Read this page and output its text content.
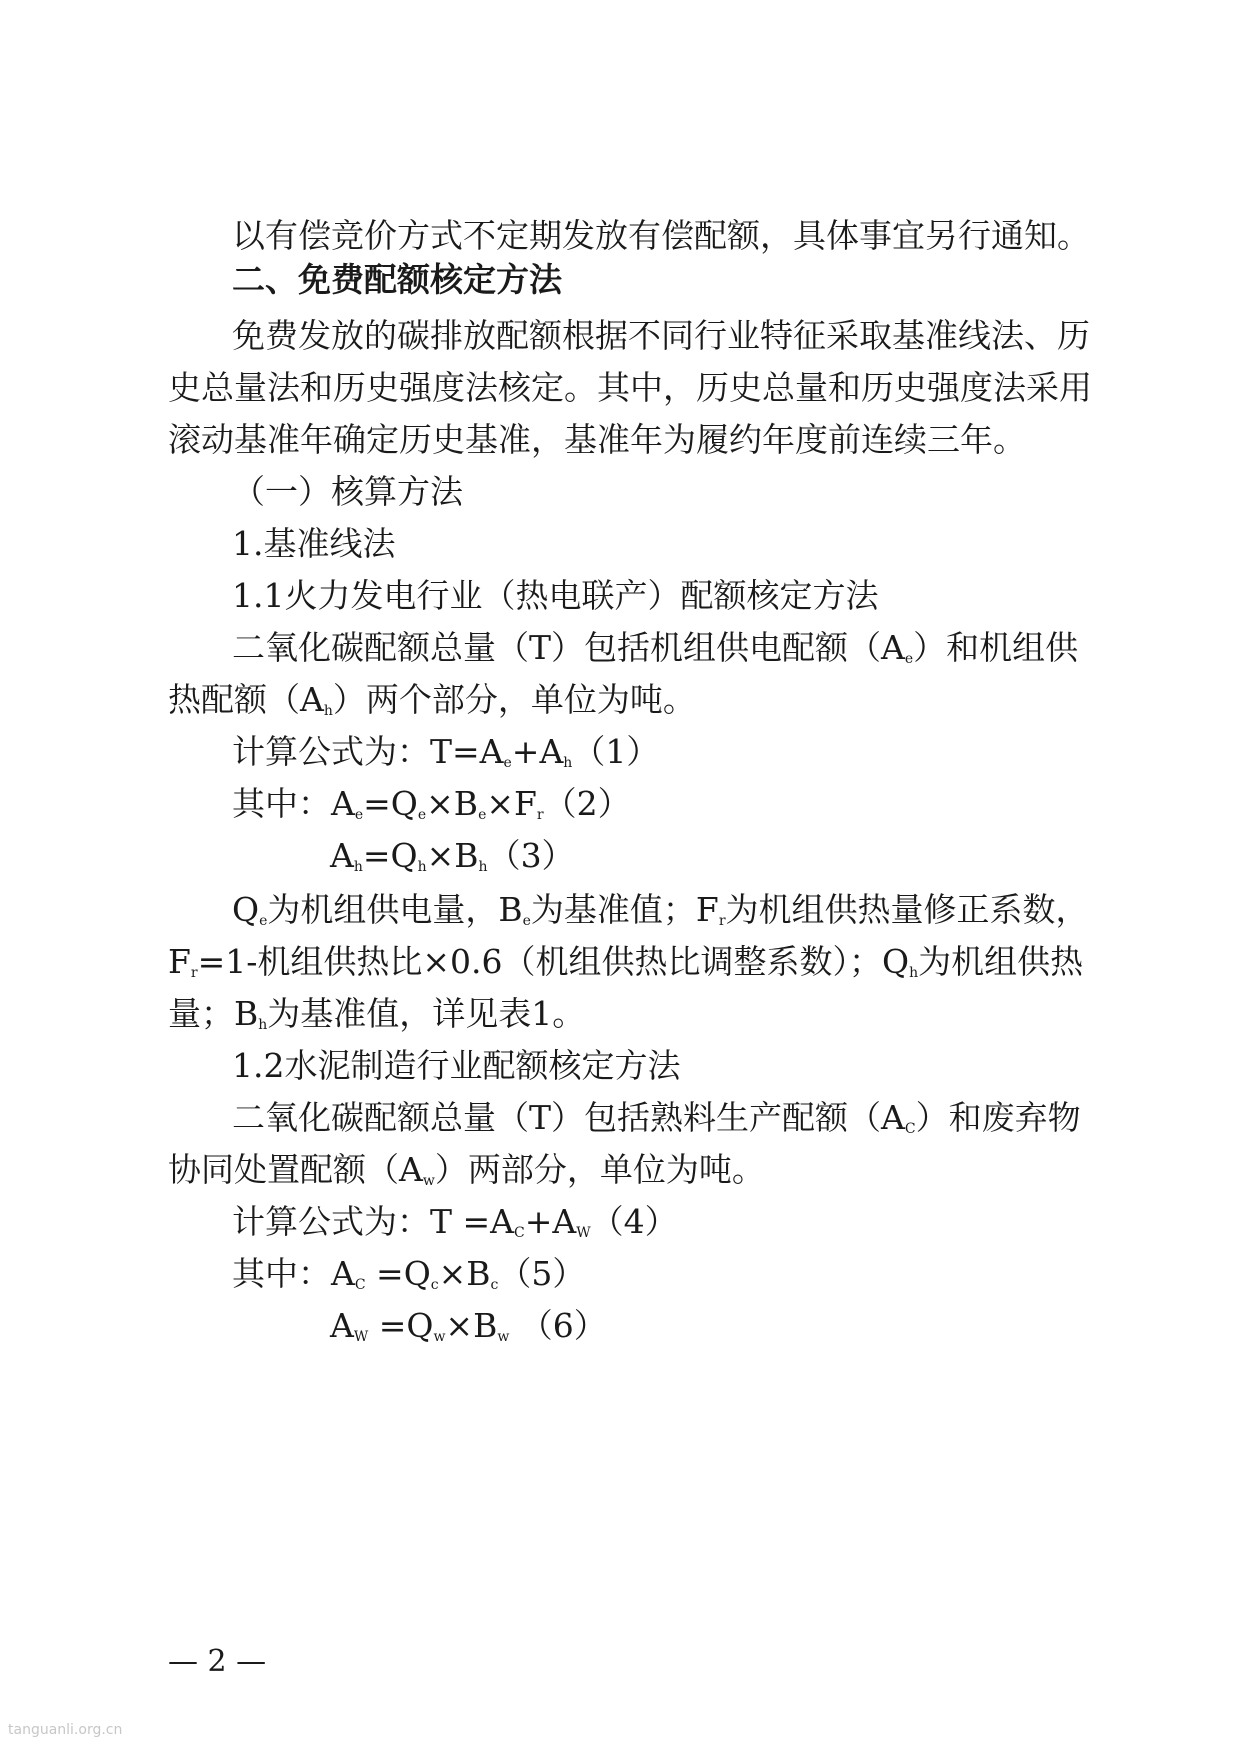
以有偿竞价方式不定期发放有偿配额，具体事宜另行通知。
二、免费配额核定方法
免费发放的碳排放配额根据不同行业特征采取基准线法、历
史总量法和历史强度法核定。其中，历史总量和历史强度法采用
滚动基准年确定历史基准，基准年为履约年度前连续三年。
（一）核算方法
1.基准线法
1.1火力发电行业（热电联产）配额核定方法
二氧化碳配额总量（T）包括机组供电配额$(A_e)$和机组供
热配额$(A_h)$两个部分，单位为吨。
计算公式为：$T=A_e+A_h(1)$
其中：$A_e=Q_e\times B_e\times F_r(2)$
$A_h=Q_h\times B_h(3)$
$Q_e$为机组供电量，$B_e$为基准值；$F_r$为机组供热量修正系数，
$F_r=1-$机组供热比×0.6（机组供热比调整系数）；$Q_h$为机组供热
量；$B_h$为基准值，详见表1。
1.2水泥制造行业配额核定方法
二氧化碳配额总量（T）包括熟料生产配额$(A_C)$和废弃物
协同处置配额$(A_w)$两部分，单位为吨。
计算公式为：$T =A_C+A_W(4)$
其中：$A_C =Q_c\times B_c(5)$
$A_W =Q_w\times B_w$ （6）
— 2 —
tanguanli.org.cn
